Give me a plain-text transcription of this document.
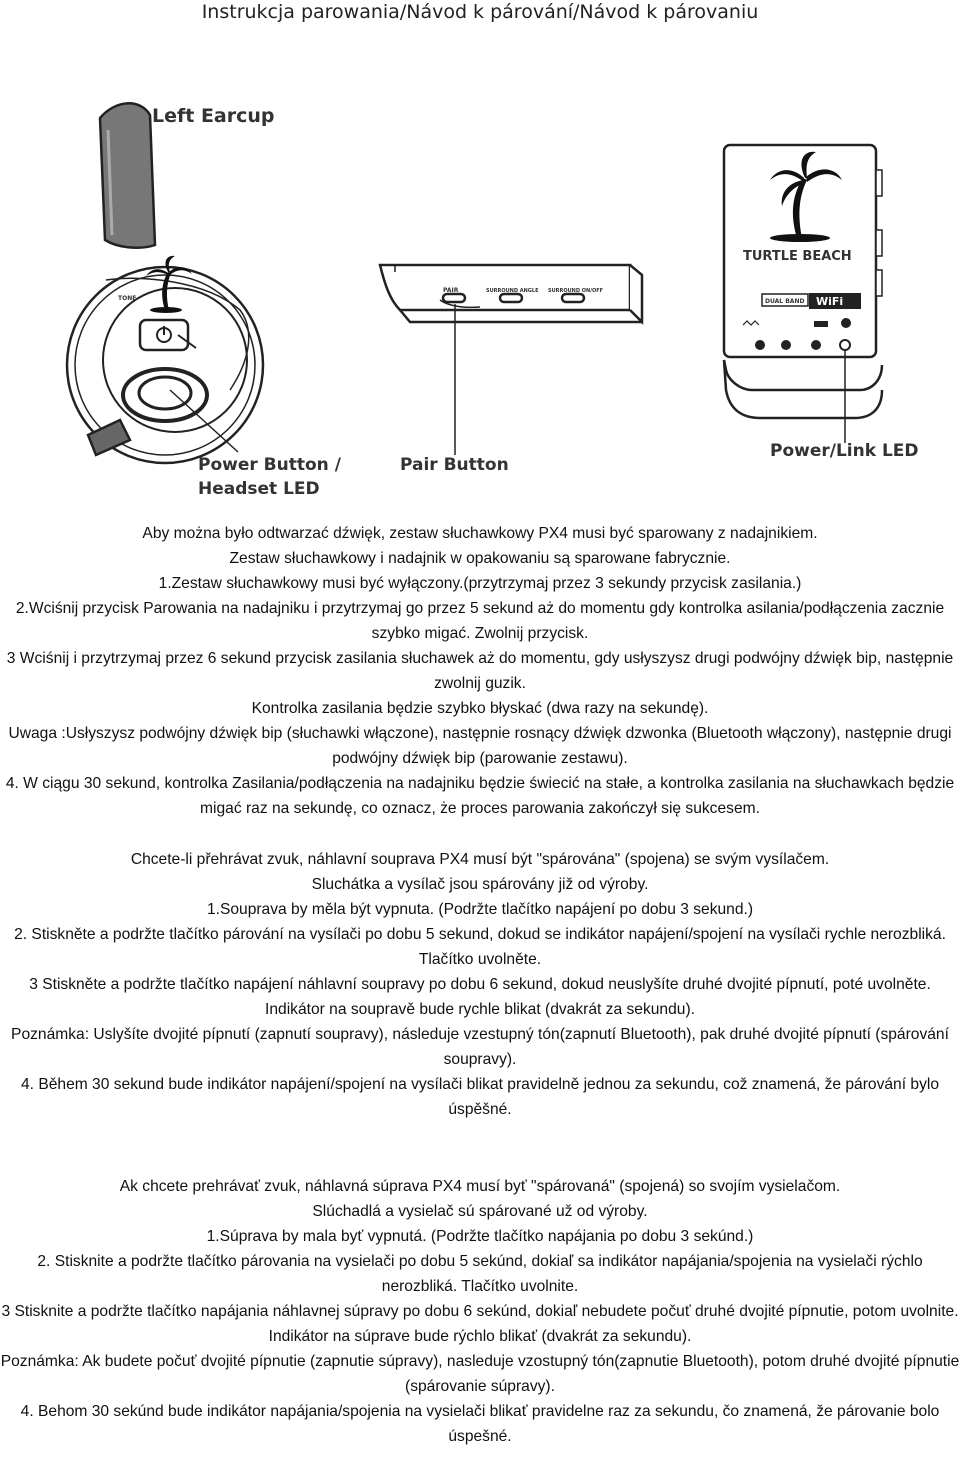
Instrukcja parowania/Návod k párování/Návod k párovaniu
TONE
Left Earcup
Power Button /
Headset LED
PAIR	SURROUND ANGLE SURROUND ON/OFF
Pair Button
TURTLE BEACH
DUAL BAND WiFi
Power/Link LED

Aby można było odtwarzać dźwięk, zestaw słuchawkowy PX4 musi być sparowany z nadajnikiem.

Zestaw słuchawkowy i nadajnik w opakowaniu są sparowane fabrycznie.

1.Zestaw słuchawkowy musi być wyłączony.(przytrzymaj przez 3 sekundy przycisk zasilania.)

2.Wciśnij przycisk Parowania na nadajniku i przytrzymaj go przez 5 sekund aż do momentu gdy kontrolka asilania/podłączenia zacznie szybko migać. Zwolnij przycisk.

3 Wciśnij i przytrzymaj przez 6 sekund przycisk zasilania słuchawek aż do momentu, gdy usłyszysz drugi podwójny dźwięk bip, następnie zwolnij guzik.

Kontrolka zasilania będzie szybko błyskać (dwa razy na sekundę).

Uwaga :Usłyszysz podwójny dźwięk bip (słuchawki włączone), następnie rosnący dźwięk dzwonka (Bluetooth włączony), następnie drugi podwójny dźwięk bip (parowanie zestawu).

4. W ciągu 30 sekund, kontrolka Zasilania/podłączenia na nadajniku będzie świecić na stałe, a kontrolka zasilania na słuchawkach będzie migać raz na sekundę, co oznacz, że proces parowania zakończył się sukcesem.

Chcete-li přehrávat zvuk, náhlavní souprava PX4 musí být "spárována" (spojena) se svým vysílačem.

Sluchátka a vysílač jsou spárovány již od výroby.

1.Souprava by měla být vypnuta. (Podržte tlačítko napájení po dobu 3 sekund.)

2. Stiskněte a podržte tlačítko párování na vysílači po dobu 5 sekund, dokud se indikátor napájení/spojení na vysílači rychle nerozbliká. Tlačítko uvolněte.

3 Stiskněte a podržte tlačítko napájení náhlavní soupravy po dobu 6 sekund, dokud neuslyšíte druhé dvojité pípnutí, poté uvolněte.

Indikátor na soupravě bude rychle blikat (dvakrát za sekundu).

Poznámka: Uslyšíte dvojité pípnutí (zapnutí soupravy), následuje vzestupný tón(zapnutí Bluetooth), pak druhé dvojité pípnutí (spárování soupravy).

4. Během 30 sekund bude indikátor napájení/spojení na vysílači blikat pravidelně jednou za sekundu, což znamená, že párování bylo úspěšné.

Ak chcete prehrávať zvuk, náhlavná súprava PX4 musí byť "spárovaná" (spojená) so svojím vysielačom.

Slúchadlá a vysielač sú spárované už od výroby.

1.Súprava by mala byť vypnutá. (Podržte tlačítko napájania po dobu 3 sekúnd.)

2. Stisknite a podržte tlačítko párovania na vysielači po dobu 5 sekúnd, dokiaľ sa indikátor napájania/spojenia na vysielači rýchlo nerozbliká. Tlačítko uvolnite.

3 Stisknite a podržte tlačítko napájania náhlavnej súpravy po dobu 6 sekúnd, dokiaľ nebudete počuť druhé dvojité pípnutie, potom uvolnite.

Indikátor na súprave bude rýchlo blikať (dvakrát za sekundu).

Poznámka: Ak budete počuť dvojité pípnutie (zapnutie súpravy), nasleduje vzostupný tón(zapnutie Bluetooth), potom druhé dvojité pípnutie (spárovanie súpravy).

4. Behom 30 sekúnd bude indikátor napájania/spojenia na vysielači blikať pravidelne raz za sekundu, čo znamená, že párovanie bolo úspešné.
